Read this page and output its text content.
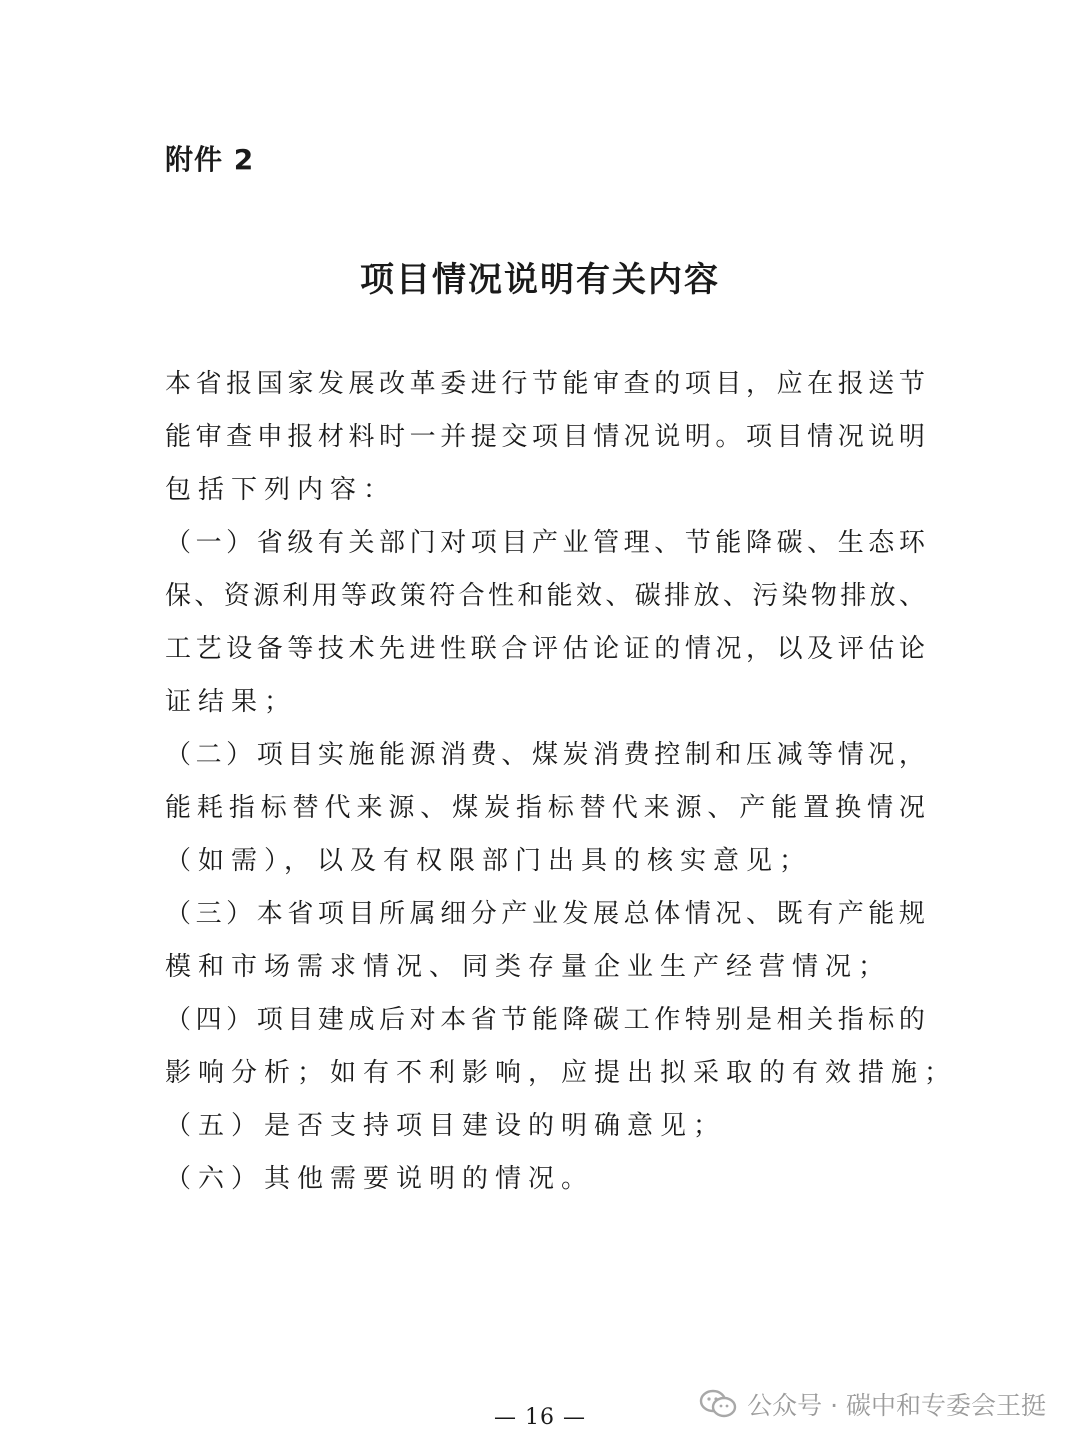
附件 2
项目情况说明有关内容
本 省 报 国 家 发 展 改 革 委 进 行 节 能 审 查 的 项 目 ， 应 在 报 送 节
能 审 查 申 报 材 料 时 一 并 提 交 项 目 情 况 说 明 。 项 目 情 况 说 明
包括下列内容：
（ 一 ） 省 级 有 关 部 门 对 项 目 产 业 管 理 、 节 能 降 碳 、 生 态 环
保 、 资 源 利 用 等 政 策 符 合 性 和 能 效 、 碳 排 放 、 污 染 物 排 放 、
工 艺 设 备 等 技 术 先 进 性 联 合 评 估 论 证 的 情 况 ， 以 及 评 估 论
证结果；
（ 二 ） 项 目 实 施 能 源 消 费 、 煤 炭 消 费 控 制 和 压 减 等 情 况 ，
能 耗 指 标 替 代 来 源 、 煤 炭 指 标 替 代 来 源 、 产 能 置 换 情 况
（如需），以及有权限部门出具的核实意见；
（ 三 ） 本 省 项 目 所 属 细 分 产 业 发 展 总 体 情 况 、 既 有 产 能 规
模和市场需求情况、同类存量企业生产经营情况；
（ 四 ） 项 目 建 成 后 对 本 省 节 能 降 碳 工 作 特 别 是 相 关 指 标 的
影响分析；如有不利影响，应提出拟采取的有效措施；
（五）是否支持项目建设的明确意见；
（六）其他需要说明的情况。
— 16 —	公众号 · 碳中和专委会王挺
